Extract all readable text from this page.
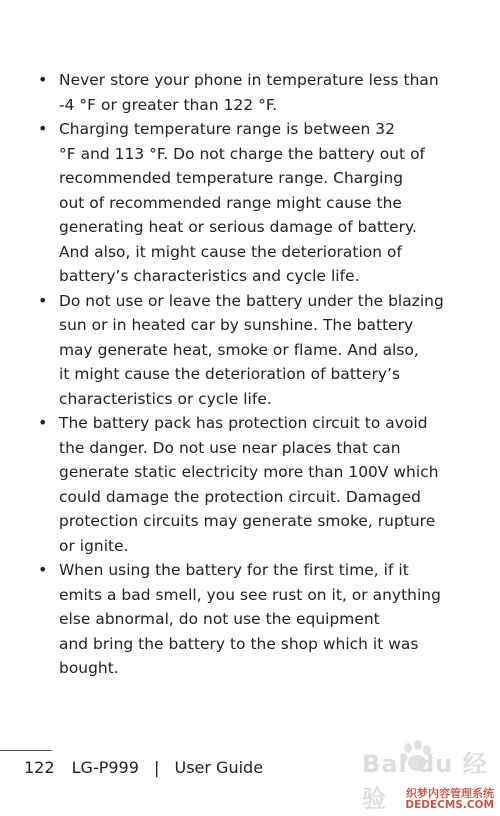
• Never store your phone in temperature less than
-4 °F or greater than 122 °F.
• Charging temperature range is between 32
°F and 113 °F. Do not charge the battery out of
recommended temperature range. Charging
out of recommended range might cause the
generating heat or serious damage of battery.
And also, it might cause the deterioration of
battery’s characteristics and cycle life.
• Do not use or leave the battery under the blazing
sun or in heated car by sunshine. The battery
may generate heat, smoke or flame. And also,
it might cause the deterioration of battery’s
characteristics or cycle life.
• The battery pack has protection circuit to avoid
the danger. Do not use near places that can
generate static electricity more than 100V which
could damage the protection circuit. Damaged
protection circuits may generate smoke, rupture
or ignite.
• When using the battery for the first time, if it
emits a bad smell, you see rust on it, or anything
else abnormal, do not use the equipment
and bring the battery to the shop which it was
bought.
122 LG-P999 | User Guide	Bai du 经验	织梦内容管理系统
DEDECMS.COM
